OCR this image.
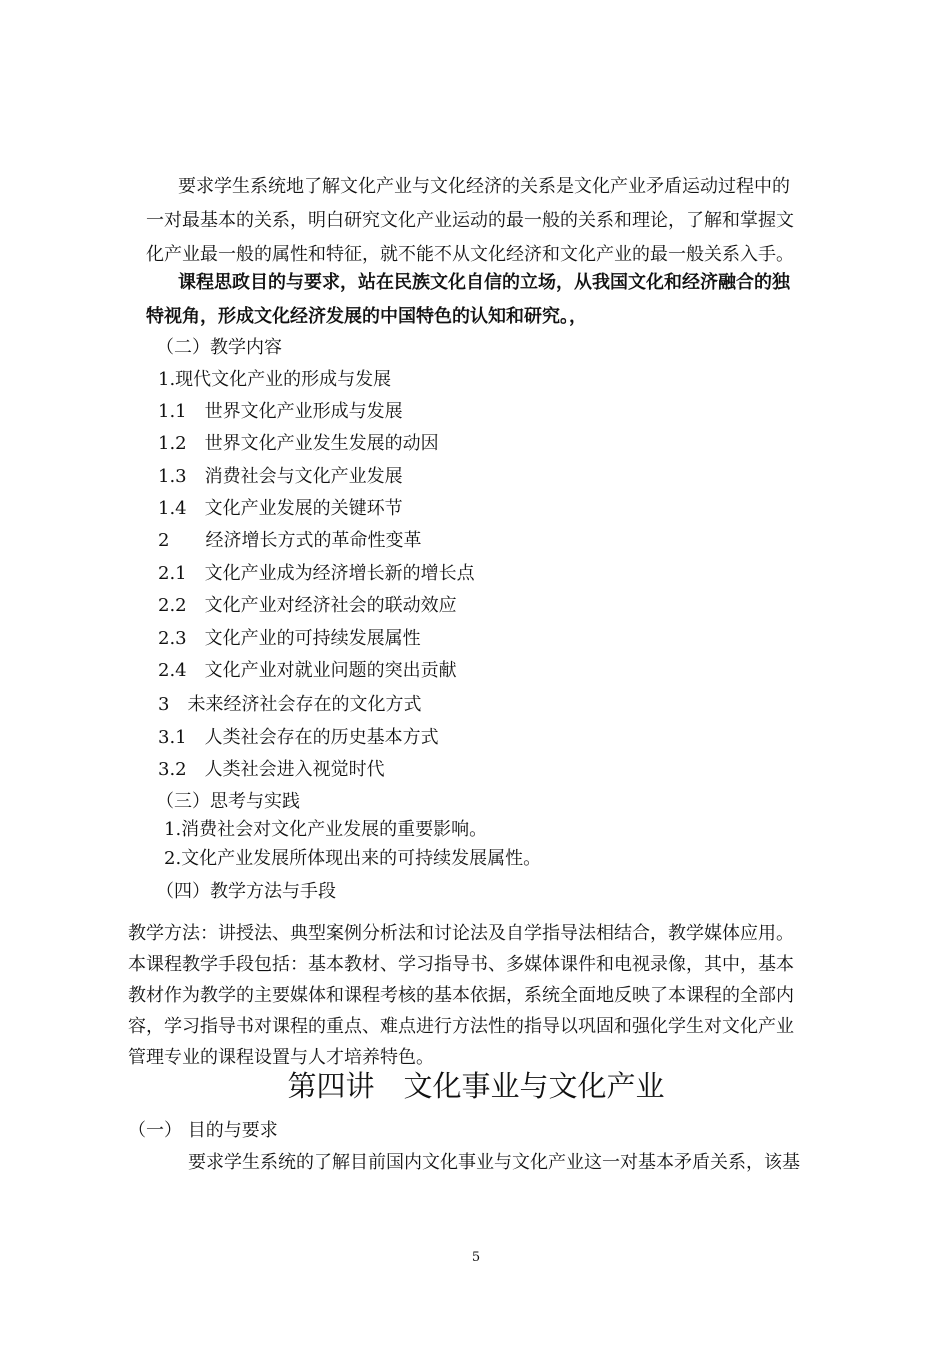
要求学生系统地了解文化产业与文化经济的关系是文化产业矛盾运动过程中的
一对最基本的关系，明白研究文化产业运动的最一般的关系和理论，了解和掌握文
化产业最一般的属性和特征，就不能不从文化经济和文化产业的最一般关系入手。
课程思政目的与要求，站在民族文化自信的立场，从我国文化和经济融合的独
特视角，形成文化经济发展的中国特色的认知和研究。，
（二）教学内容
1.现代文化产业的形成与发展
1.1　世界文化产业形成与发展
1.2　世界文化产业发生发展的动因
1.3　消费社会与文化产业发展
1.4　文化产业发展的关键环节
2　　经济增长方式的革命性变革
2.1　文化产业成为经济增长新的增长点
2.2　文化产业对经济社会的联动效应
2.3　文化产业的可持续发展属性
2.4　文化产业对就业问题的突出贡献
3　未来经济社会存在的文化方式
3.1　人类社会存在的历史基本方式
3.2　人类社会进入视觉时代
（三）思考与实践
1.消费社会对文化产业发展的重要影响。
2.文化产业发展所体现出来的可持续发展属性。
（四）教学方法与手段
教学方法：讲授法、典型案例分析法和讨论法及自学指导法相结合，教学媒体应用。
本课程教学手段包括：基本教材、学习指导书、多媒体课件和电视录像，其中，基本
教材作为教学的主要媒体和课程考核的基本依据，系统全面地反映了本课程的全部内
容，学习指导书对课程的重点、难点进行方法性的指导以巩固和强化学生对文化产业
管理专业的课程设置与人才培养特色。
第四讲　文化事业与文化产业
（一） 目的与要求
要求学生系统的了解目前国内文化事业与文化产业这一对基本矛盾关系，该基
5
